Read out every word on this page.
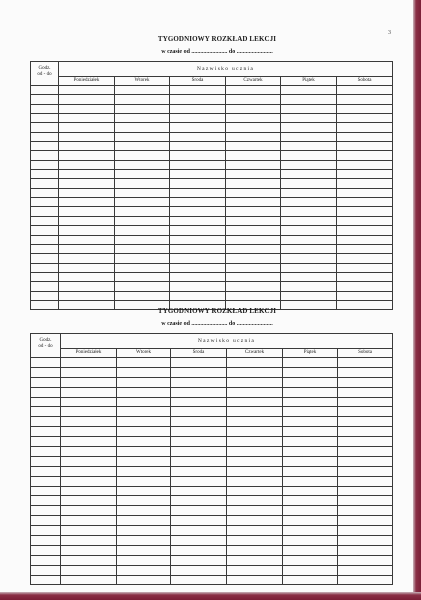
3
TYGODNIOWY ROZKŁAD LEKCJI
w czasie od ........................ do ........................
Godz.
od - do	Nazwisko ucznia					
	Poniedziałek	Wtorek	Środa	Czwartek	Piątek	Sobota

TYGODNIOWY ROZKŁAD LEKCJI
w czasie od ........................ do ........................
Godz.
od - do	Nazwisko ucznia					
	Poniedziałek	Wtorek	Środa	Czwartek	Piątek	Sobota
